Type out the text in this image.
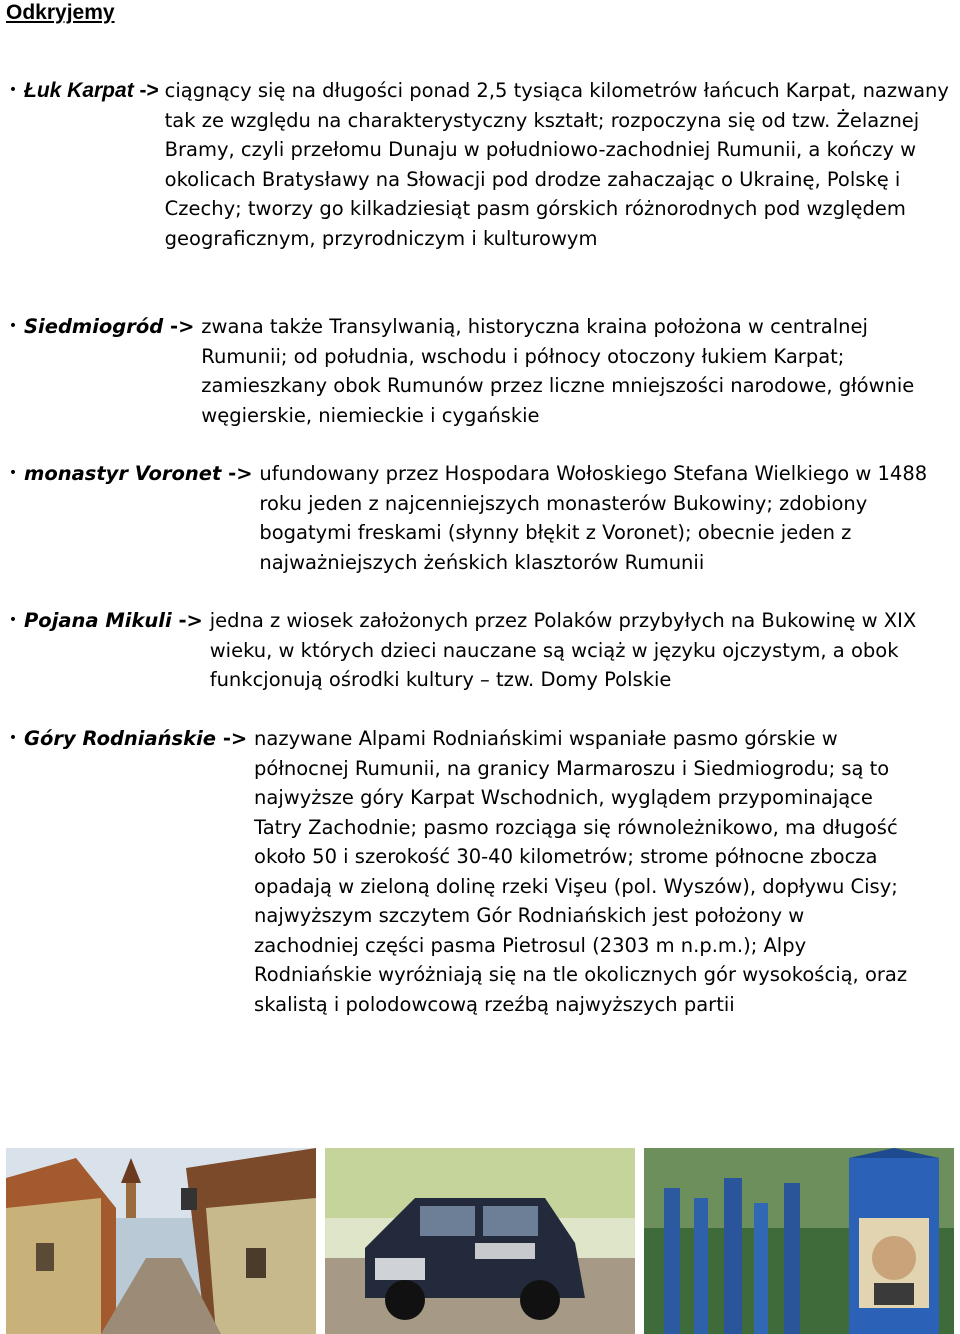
Odkryjemy
• Łuk Karpat -> ciągnący się na długości ponad 2,5 tysiąca kilometrów łańcuch Karpat, nazwany tak ze względu na charakterystyczny kształt; rozpoczyna się od tzw. Żelaznej Bramy, czyli przełomu Dunaju w południowo-zachodniej Rumunii, a kończy w okolicach Bratysławy na Słowacji pod drodze zahaczając o Ukrainę, Polskę i Czechy; tworzy go kilkadziesiąt pasm górskich różnorodnych pod względem geograficznym, przyrodniczym i kulturowym
• Siedmiogród -> zwana także Transylwanią, historyczna kraina położona w centralnej Rumunii; od południa, wschodu i północy otoczony łukiem Karpat; zamieszkany obok Rumunów przez liczne mniejszości narodowe, głównie węgierskie, niemieckie i cygańskie
• monastyr Voronet -> ufundowany przez Hospodara Wołoskiego Stefana Wielkiego w 1488 roku jeden z najcenniejszych monasterów Bukowiny; zdobiony bogatymi freskami (słynny błękit z Voronet); obecnie jeden z najważniejszych żeńskich klasztorów Rumunii
• Pojana Mikuli -> jedna z wiosek założonych przez Polaków przybyłych na Bukowinę w XIX wieku, w których dzieci nauczane są wciąż w języku ojczystym, a obok funkcjonują ośrodki kultury – tzw. Domy Polskie
• Góry Rodniańskie -> nazywane Alpami Rodniańskimi wspaniałe pasmo górskie w północnej Rumunii, na granicy Marmaroszu i Siedmiogrodu; są to najwyższe góry Karpat Wschodnich, wyglądem przypominające Tatry Zachodnie; pasmo rozciąga się równoleżnikowo, ma długość około 50 i szerokość 30-40 kilometrów; strome północne zbocza opadają w zieloną dolinę rzeki Vişeu (pol. Wyszów), dopływu Cisy; najwyższym szczytem Gór Rodniańskich jest położony w zachodniej części pasma Pietrosul (2303 m n.p.m.); Alpy Rodniańskie wyróżniają się na tle okolicznych gór wysokością, oraz skalistą i polodowcową rzeźbą najwyższych partii
